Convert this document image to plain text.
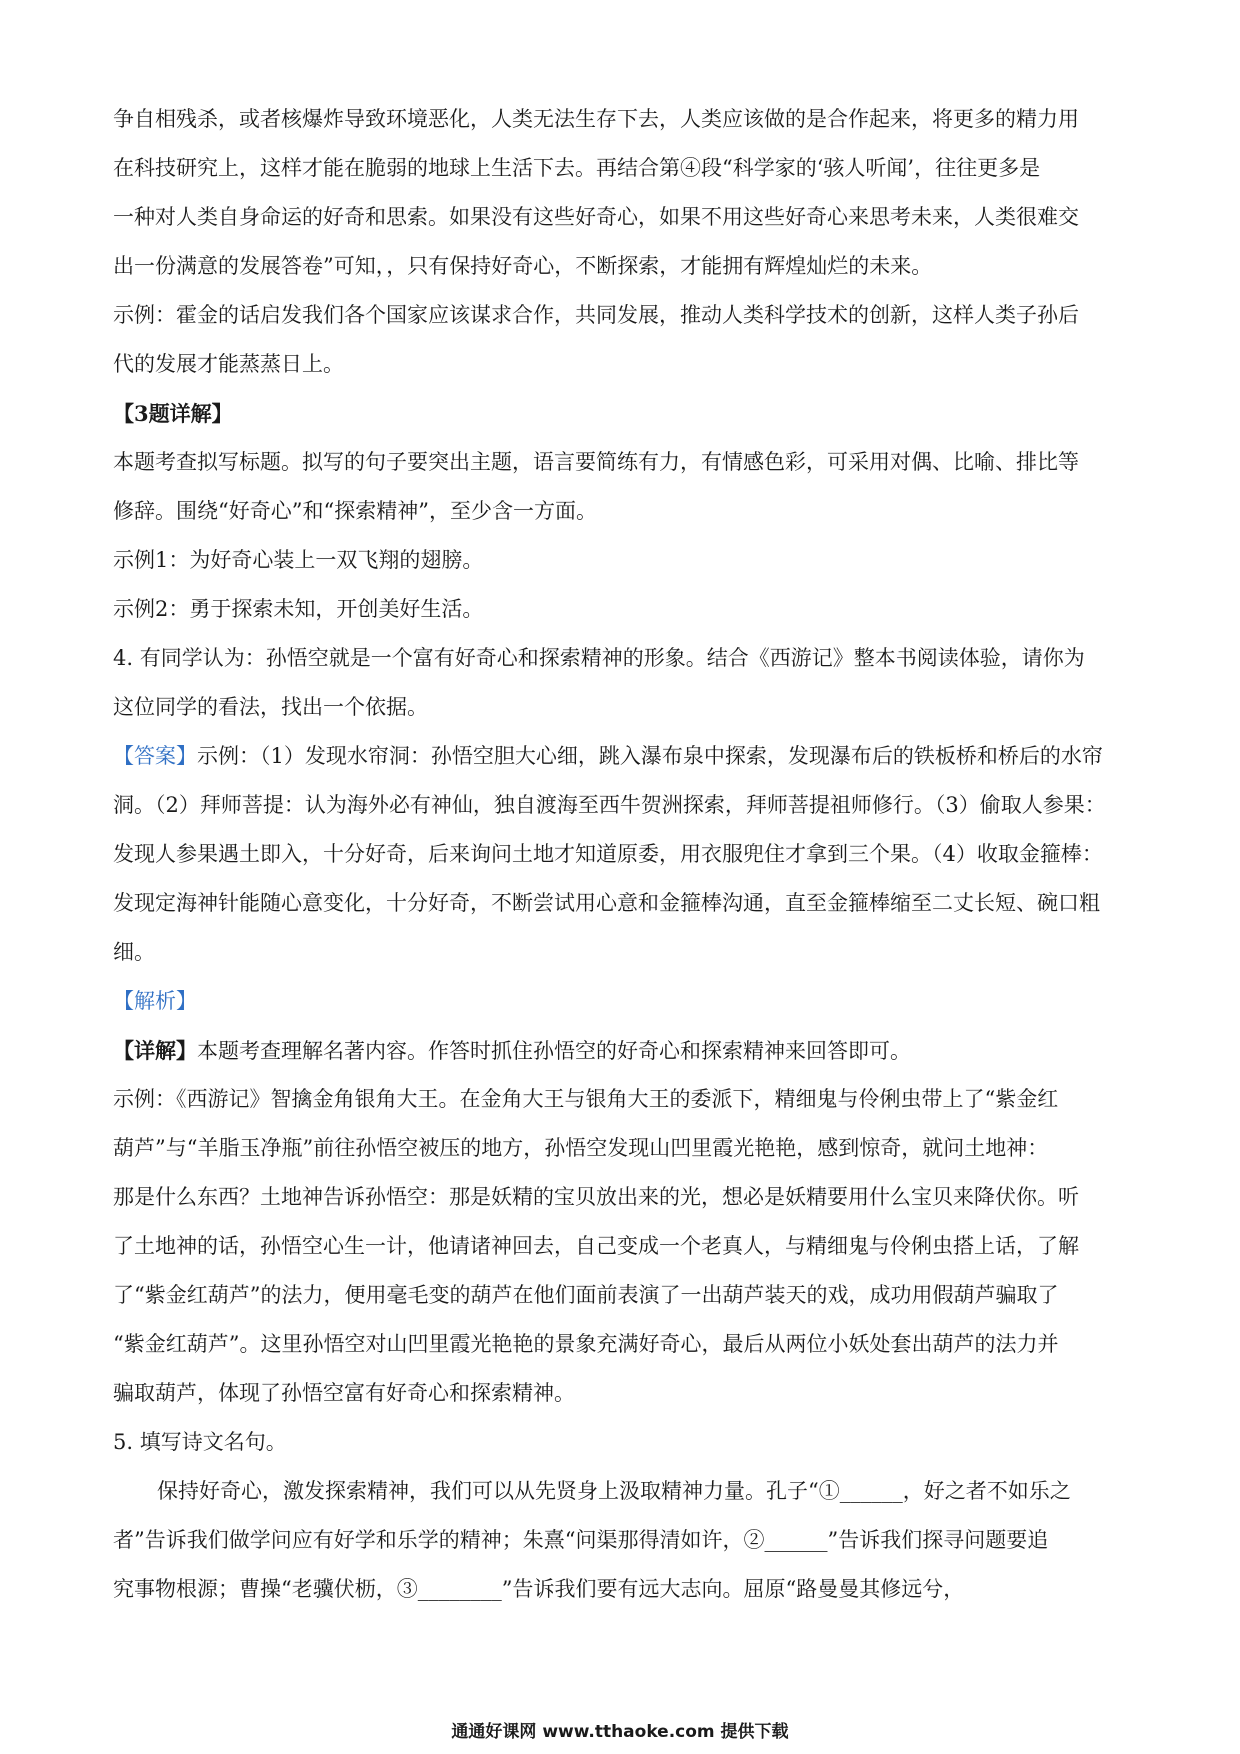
争自相残杀，或者核爆炸导致环境恶化，人类无法生存下去，人类应该做的是合作起来，将更多的精力用
在科技研究上，这样才能在脆弱的地球上生活下去。再结合第④段“科学家的‘骇人听闻’，往往更多是
一种对人类自身命运的好奇和思索。如果没有这些好奇心，如果不用这些好奇心来思考未来，人类很难交
出一份满意的发展答卷”可知，，只有保持好奇心，不断探索，才能拥有辉煌灿烂的未来。
示例：霍金的话启发我们各个国家应该谋求合作，共同发展，推动人类科学技术的创新，这样人类子孙后
代的发展才能蒸蒸日上。
【3题详解】
本题考查拟写标题。拟写的句子要突出主题，语言要简练有力，有情感色彩，可采用对偶、比喻、排比等
修辞。围绕“好奇心”和“探索精神”，至少含一方面。
示例1：为好奇心装上一双飞翔的翅膀。
示例2：勇于探索未知，开创美好生活。
4. 有同学认为：孙悟空就是一个富有好奇心和探索精神的形象。结合《西游记》整本书阅读体验，请你为
这位同学的看法，找出一个依据。
【答案】示例：（1）发现水帘洞：孙悟空胆大心细，跳入瀑布泉中探索，发现瀑布后的铁板桥和桥后的水帘
洞。（2）拜师菩提：认为海外必有神仙，独自渡海至西牛贺洲探索，拜师菩提祖师修行。（3）偷取人参果：
发现人参果遇土即入，十分好奇，后来询问土地才知道原委，用衣服兜住才拿到三个果。（4）收取金箍棒：
发现定海神针能随心意变化，十分好奇，不断尝试用心意和金箍棒沟通，直至金箍棒缩至二丈长短、碗口粗
细。
【解析】
【详解】本题考查理解名著内容。作答时抓住孙悟空的好奇心和探索精神来回答即可。
示例：《西游记》智擒金角银角大王。在金角大王与银角大王的委派下，精细鬼与伶俐虫带上了“紫金红
葫芦”与“羊脂玉净瓶”前往孙悟空被压的地方，孙悟空发现山凹里霞光艳艳，感到惊奇，就问土地神：
那是什么东西？土地神告诉孙悟空：那是妖精的宝贝放出来的光，想必是妖精要用什么宝贝来降伏你。听
了土地神的话，孙悟空心生一计，他请诸神回去，自己变成一个老真人，与精细鬼与伶俐虫搭上话，了解
了“紫金红葫芦”的法力，便用毫毛变的葫芦在他们面前表演了一出葫芦装天的戏，成功用假葫芦骗取了
“紫金红葫芦”。这里孙悟空对山凹里霞光艳艳的景象充满好奇心，最后从两位小妖处套出葫芦的法力并
骗取葫芦，体现了孙悟空富有好奇心和探索精神。
5. 填写诗文名句。
保持好奇心，激发探索精神，我们可以从先贤身上汲取精神力量。孔子“①______，好之者不如乐之
者”告诉我们做学问应有好学和乐学的精神；朱熹“问渠那得清如许，②______”告诉我们探寻问题要追
究事物根源；曹操“老骥伏枥，③________”告诉我们要有远大志向。屈原“路曼曼其修远兮，
通通好课网 www.tthaoke.com 提供下载
